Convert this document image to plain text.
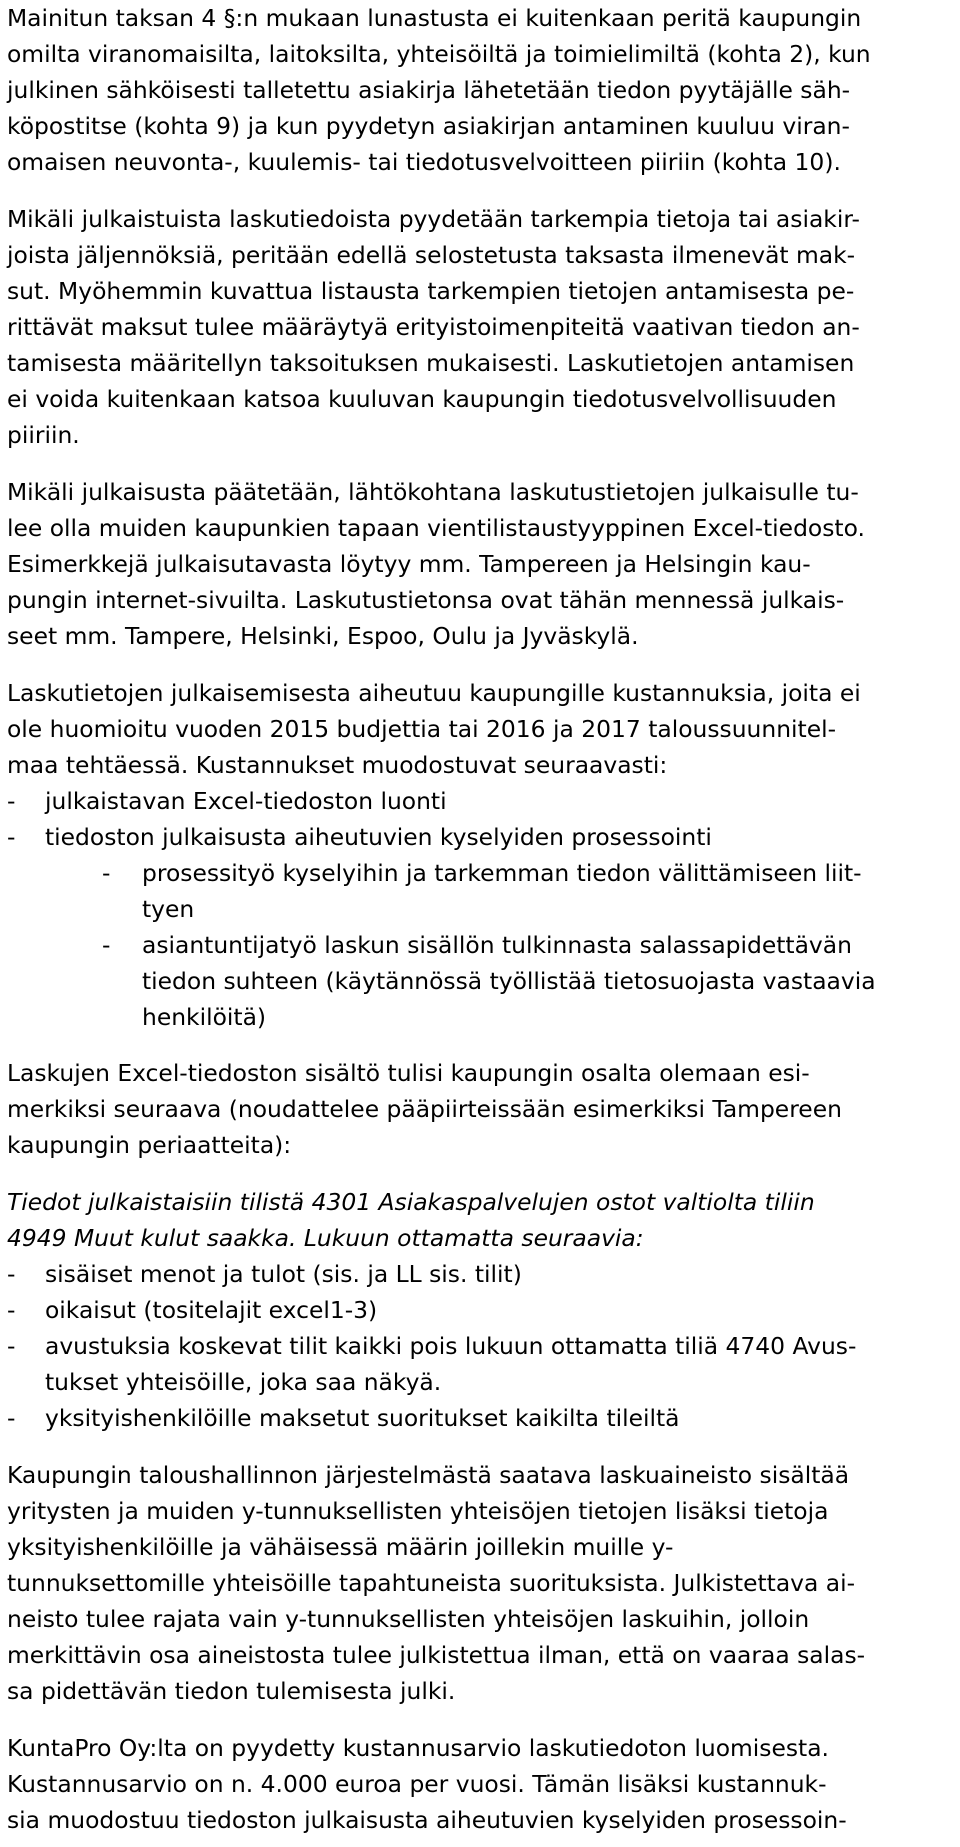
Mainitun taksan 4 §:n mukaan lunastusta ei kuitenkaan peritä kaupungin
omilta viranomaisilta, laitoksilta, yhteisöiltä ja toimielimiltä (kohta 2), kun
julkinen sähköisesti talletettu asiakirja lähetetään tiedon pyytäjälle säh-
köpostitse (kohta 9) ja kun pyydetyn asiakirjan antaminen kuuluu viran-
omaisen neuvonta-, kuulemis- tai tiedotusvelvoitteen piiriin (kohta 10).
Mikäli julkaistuista laskutiedoista pyydetään tarkempia tietoja tai asiakir-
joista jäljennöksiä, peritään edellä selostetusta taksasta ilmenevät mak-
sut. Myöhemmin kuvattua listausta tarkempien tietojen antamisesta pe-
rittävät maksut tulee määräytyä erityistoimenpiteitä vaativan tiedon an-
tamisesta määritellyn taksoituksen mukaisesti. Laskutietojen antamisen
ei voida kuitenkaan katsoa kuuluvan kaupungin tiedotusvelvollisuuden
piiriin.
Mikäli julkaisusta päätetään, lähtökohtana laskutustietojen julkaisulle tu-
lee olla muiden kaupunkien tapaan vientilistaustyyppinen Excel-tiedosto.
Esimerkkejä julkaisutavasta löytyy mm. Tampereen ja Helsingin kau-
pungin internet-sivuilta. Laskutustietonsa ovat tähän mennessä julkais-
seet mm. Tampere, Helsinki, Espoo, Oulu ja Jyväskylä.
Laskutietojen julkaisemisesta aiheutuu kaupungille kustannuksia, joita ei
ole huomioitu vuoden 2015 budjettia tai 2016 ja 2017 taloussuunnitel-
maa tehtäessä. Kustannukset muodostuvat seuraavasti:
- julkaistavan Excel-tiedoston luonti
- tiedoston julkaisusta aiheutuvien kyselyiden prosessointi
- prosessityö kyselyihin ja tarkemman tiedon välittämiseen liit-
tyen
- asiantuntijatyö laskun sisällön tulkinnasta salassapidettävän
tiedon suhteen (käytännössä työllistää tietosuojasta vastaavia
henkilöitä)
Laskujen Excel-tiedoston sisältö tulisi kaupungin osalta olemaan esi-
merkiksi seuraava (noudattelee pääpiirteissään esimerkiksi Tampereen
kaupungin periaatteita):
Tiedot julkaistaisiin tilistä 4301 Asiakaspalvelujen ostot valtiolta tiliin
4949 Muut kulut saakka. Lukuun ottamatta seuraavia:
- sisäiset menot ja tulot (sis. ja LL sis. tilit)
- oikaisut (tositelajit excel1-3)
- avustuksia koskevat tilit kaikki pois lukuun ottamatta tiliä 4740 Avus-
tukset yhteisöille, joka saa näkyä.
- yksityishenkilöille maksetut suoritukset kaikilta tileiltä
Kaupungin taloushallinnon järjestelmästä saatava laskuaineisto sisältää
yritysten ja muiden y-tunnuksellisten yhteisöjen tietojen lisäksi tietoja
yksityishenkilöille ja vähäisessä määrin joillekin muille y-
tunnuksettomille yhteisöille tapahtuneista suorituksista. Julkistettava ai-
neisto tulee rajata vain y-tunnuksellisten yhteisöjen laskuihin, jolloin
merkittävin osa aineistosta tulee julkistettua ilman, että on vaaraa salas-
sa pidettävän tiedon tulemisesta julki.
KuntaPro Oy:lta on pyydetty kustannusarvio laskutiedoton luomisesta.
Kustannusarvio on n. 4.000 euroa per vuosi. Tämän lisäksi kustannuk-
sia muodostuu tiedoston julkaisusta aiheutuvien kyselyiden prosessoin-
